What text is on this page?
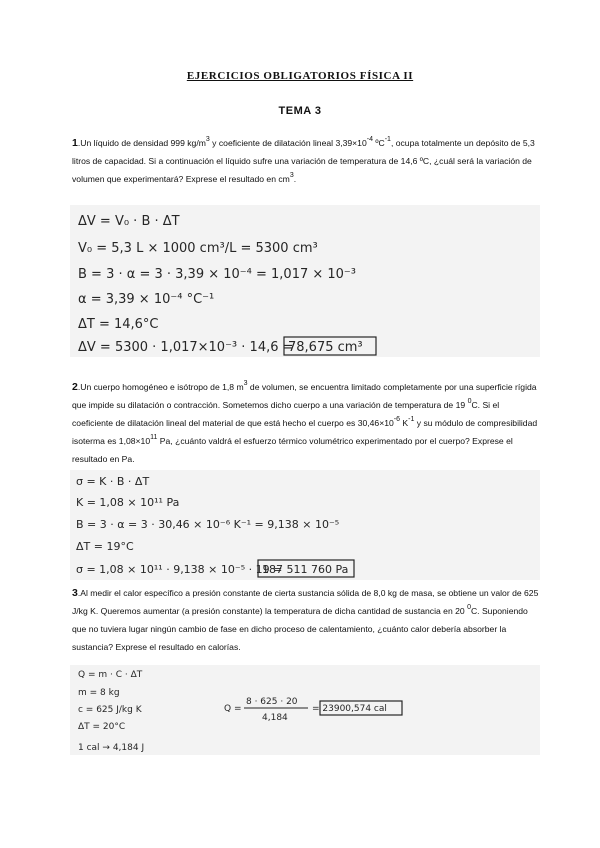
EJERCICIOS OBLIGATORIOS FÍSICA II
TEMA 3

1.Un líquido de densidad 999 $kg/m^3$ y coeficiente de dilatación lineal $3,39\times 10^{-4}$ ºC$^{-1}$, ocupa totalmente un depósito de 5,3 litros de capacidad. Si a continuación el líquido sufre una variación de temperatura de 14,6 ºC, ¿cuál será la variación de volumen que experimentará? Exprese el resultado en $cm^3$.

ΔV = V₀ · B · ΔT
V₀ = 5,3 L × 1000 cm³/L = 5300 cm³
B = 3 · α = 3 · 3,39 × 10⁻⁴ = 1,017 × 10⁻³
α = 3,39 × 10⁻⁴ °C⁻¹
ΔT = 14,6°C
ΔV = 5300 · 1,017×10⁻³ · 14,6 =
78,675 cm³

2.Un cuerpo homogéneo e isótropo de 1,8 $m^3$ de volumen, se encuentra limitado completamente por una superficie rígida que impide su dilatación o contracción. Sometemos dicho cuerpo a una variación de temperatura de 19 $^0$C. Si el coeficiente de dilatación lineal del material de que está hecho el cuerpo es $30,46\times 10^{-6}$ $K^{-1}$ y su módulo de compresibilidad isoterma es $1,08\times 10^{11}$ Pa, ¿cuánto valdrá el esfuerzo térmico volumétrico experimentado por el cuerpo? Exprese el resultado en Pa.

σ = K · B · ΔT
K = 1,08 × 10¹¹ Pa
B = 3 · α = 3 · 30,46 × 10⁻⁶ K⁻¹ = 9,138 × 10⁻⁵
ΔT = 19°C
σ = 1,08 × 10¹¹ · 9,138 × 10⁻⁵ · 19 =
187 511 760 Pa

3.Al medir el calor específico a presión constante de cierta sustancia sólida de 8,0 kg de masa, se obtiene un valor de 625 J/kg K. Queremos aumentar (a presión constante) la temperatura de dicha cantidad de sustancia en 20 $^0$C. Suponiendo que no tuviera lugar ningún cambio de fase en dicho proceso de calentamiento, ¿cuánto calor debería absorber la sustancia? Exprese el resultado en calorías.

Q = m · C · ΔT
m = 8 kg
c = 625 J/kg K
ΔT = 20°C
1 cal → 4,184 J
Q =
8 · 625 · 20
4,184
= 23900,574 cal
